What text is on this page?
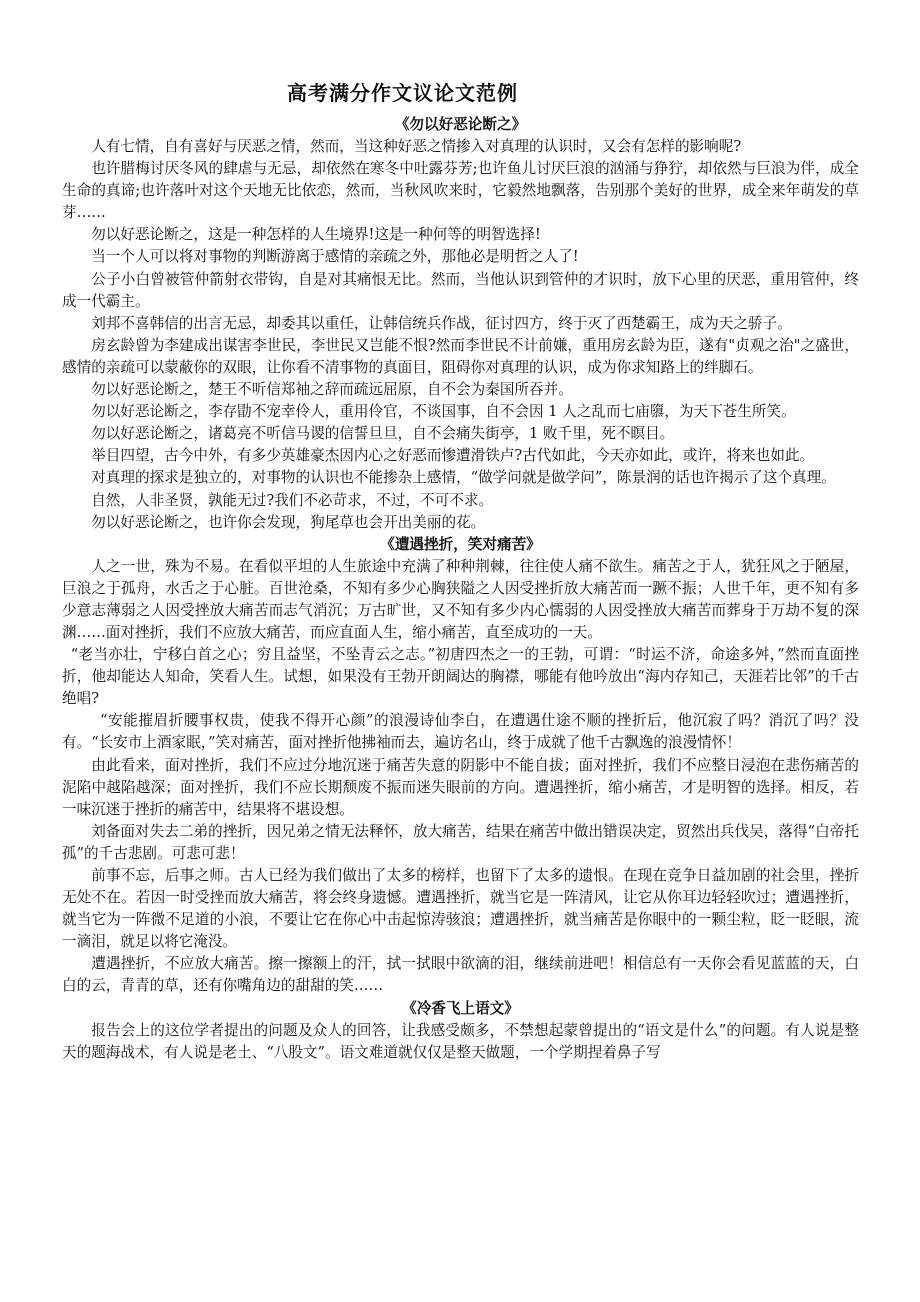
高考满分作文议论文范例
《勿以好恶论断之》

人有七情，自有喜好与厌恶之情，然而，当这种好恶之情掺入对真理的认识时，又会有怎样的影响呢?

也许腊梅讨厌冬风的肆虐与无忌，却依然在寒冬中吐露芬芳;也许鱼儿讨厌巨浪的汹涌与狰狞，却依然与巨浪为伴，成全生命的真谛;也许落叶对这个天地无比依恋，然而，当秋风吹来时，它毅然地飘落，告别那个美好的世界，成全来年萌发的草芽……

勿以好恶论断之，这是一种怎样的人生境界!这是一种何等的明智选择!

当一个人可以将对事物的判断游离于感情的亲疏之外，那他必是明哲之人了!

公子小白曾被管仲箭射衣带钩，自是对其痛恨无比。然而，当他认识到管仲的才识时，放下心里的厌恶，重用管仲，终成一代霸主。

刘邦不喜韩信的出言无忌，却委其以重任，让韩信统兵作战，征讨四方，终于灭了西楚霸王，成为天之骄子。

房玄龄曾为李建成出谋害李世民，李世民又岂能不恨?然而李世民不计前嫌，重用房玄龄为臣，遂有"贞观之治"之盛世，感情的亲疏可以蒙蔽你的双眼，让你看不清事物的真面目，阻碍你对真理的认识，成为你求知路上的绊脚石。

勿以好恶论断之，楚王不听信郑袖之辞而疏远屈原，自不会为秦国所吞并。

勿以好恶论断之，李存勖不宠幸伶人，重用伶官，不谈国事，自不会因 1 人之乱而七庙隳，为天下苍生所笑。

勿以好恶论断之，诸葛亮不听信马谡的信誓旦旦，自不会痛失街亭，1 败千里，死不瞑目。

举目四望，古今中外，有多少英雄豪杰因内心之好恶而惨遭滑铁卢?古代如此，今天亦如此，或许，将来也如此。

对真理的探求是独立的，对事物的认识也不能掺杂上感情，“做学问就是做学问”，陈景润的话也许揭示了这个真理。

自然，人非圣贤，孰能无过?我们不必苛求，不过，不可不求。

勿以好恶论断之，也许你会发现，狗尾草也会开出美丽的花。

《遭遇挫折，笑对痛苦》

人之一世，殊为不易。在看似平坦的人生旅途中充满了种种荆棘，往往使人痛不欲生。痛苦之于人，犹狂风之于陋屋，巨浪之于孤舟，水舌之于心脏。百世沧桑，不知有多少心胸狭隘之人因受挫折放大痛苦而一蹶不振；人世千年，更不知有多少意志薄弱之人因受挫放大痛苦而志气消沉；万古旷世，又不知有多少内心懦弱的人因受挫放大痛苦而葬身于万劫不复的深渊……面对挫折，我们不应放大痛苦，而应直面人生，缩小痛苦，直至成功的一天。

“老当亦壮，宁移白首之心；穷且益坚，不坠青云之志。”初唐四杰之一的王勃，可谓：“时运不济，命途多舛，”然而直面挫折，他却能达人知命，笑看人生。试想，如果没有王勃开朗阔达的胸襟，哪能有他吟放出“海内存知己，天涯若比邻”的千古绝唱?

“安能摧眉折腰事权贵，使我不得开心颜”的浪漫诗仙李白，在遭遇仕途不顺的挫折后，他沉寂了吗？消沉了吗？没有。“长安市上酒家眠，”笑对痛苦，面对挫折他拂袖而去，遍访名山，终于成就了他千古飘逸的浪漫情怀！

由此看来，面对挫折，我们不应过分地沉迷于痛苦失意的阴影中不能自拔；面对挫折，我们不应整日浸泡在悲伤痛苦的泥陷中越陷越深；面对挫折，我们不应长期颓废不振而迷失眼前的方向。遭遇挫折，缩小痛苦，才是明智的选择。相反，若一味沉迷于挫折的痛苦中，结果将不堪设想。

刘备面对失去二弟的挫折，因兄弟之情无法释怀，放大痛苦，结果在痛苦中做出错误决定，贸然出兵伐吴，落得“白帝托孤”的千古悲剧。可悲可悲！

前事不忘，后事之师。古人已经为我们做出了太多的榜样，也留下了太多的遗恨。在现在竞争日益加剧的社会里，挫折无处不在。若因一时受挫而放大痛苦，将会终身遗憾。遭遇挫折，就当它是一阵清风，让它从你耳边轻轻吹过；遭遇挫折，就当它为一阵微不足道的小浪，不要让它在你心中击起惊涛骇浪；遭遇挫折，就当痛苦是你眼中的一颗尘粒，眨一眨眼，流一滴泪，就足以将它淹没。

遭遇挫折，不应放大痛苦。擦一擦额上的汗，拭一拭眼中欲滴的泪，继续前进吧！相信总有一天你会看见蓝蓝的天，白白的云，青青的草，还有你嘴角边的甜甜的笑……

《冷香飞上语文》

报告会上的这位学者提出的问题及众人的回答，让我感受颇多，不禁想起蒙曾提出的“语文是什么”的问题。有人说是整天的题海战术，有人说是老土、“八股文”。语文难道就仅仅是整天做题，一个学期捏着鼻子写
